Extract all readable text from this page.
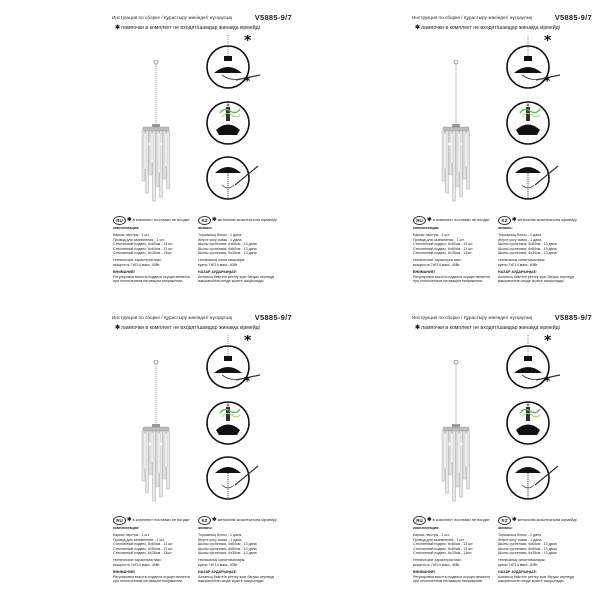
Инструкция по сборке / Құрастыру жөніндегі нұсқаулық	V5885-9/7
✱лампочки в комплект не входят/шамдар жинаққа кірмейді
*
*
RU ✱в комплект поставки не входят	KZ ✱жеткізілім жиынтығына кірмейді
комплектация:
Каркас люстры - 1 шт.
Провод для заземления - 1 шт.
Стеклянный подвес, 6х60см - 13 шт
Стеклянный подвес, 6х60см - 13 шт
Стеклянный подвес, 6х35см - 13шт
технические характеристики:
мощность 7хЕ14 макс. 40Вт
ВНИМАНИЕ!
Регулировка высоты подвеса осуществляется
при отключенном питающем напряжении.
жинағы:
Торшының блогы - 1 дана.
Жерге қосу сымы - 1 дана.
Шыны суспензия, 6х60см - 13 дана
Шыны суспензия, 6х60см - 13 дана
Шыны суспензия, 6х35см - 13 дана
техникалық сипаттамалары:
куаты 7хЕ14 макс. 40Вт
НАЗАР АУДАРЫҢЫЗ!
Аспаның биіктігін реттеу куат беруші кернеуді
ажыратылған кезде жүзеге асырылады.
Инструкция по сборке / Құрастыру жөніндегі нұсқаулық	V5885-9/7
✱лампочки в комплект не входят/шамдар жинаққа кірмейді
*
*
RU ✱в комплект поставки не входят	KZ ✱жеткізілім жиынтығына кірмейді
комплектация:
Каркас люстры - 1 шт.
Провод для заземления - 1 шт.
Стеклянный подвес, 6х60см - 13 шт
Стеклянный подвес, 6х60см - 13 шт
Стеклянный подвес, 6х35см - 13шт
технические характеристики:
мощность 7хЕ14 макс. 40Вт
ВНИМАНИЕ!
Регулировка высоты подвеса осуществляется
при отключенном питающем напряжении.
жинағы:
Торшының блогы - 1 дана.
Жерге қосу сымы - 1 дана.
Шыны суспензия, 6х60см - 13 дана
Шыны суспензия, 6х60см - 13 дана
Шыны суспензия, 6х35см - 13 дана
техникалық сипаттамалары:
куаты 7хЕ14 макс. 40Вт
НАЗАР АУДАРЫҢЫЗ!
Аспаның биіктігін реттеу куат беруші кернеуді
ажыратылған кезде жүзеге асырылады.
Инструкция по сборке / Құрастыру жөніндегі нұсқаулық	V5885-9/7
✱лампочки в комплект не входят/шамдар жинаққа кірмейді
*
*
RU ✱в комплект поставки не входят	KZ ✱жеткізілім жиынтығына кірмейді
комплектация:
Каркас люстры - 1 шт.
Провод для заземления - 1 шт.
Стеклянный подвес, 6х60см - 13 шт
Стеклянный подвес, 6х60см - 13 шт
Стеклянный подвес, 6х35см - 13шт
технические характеристики:
мощность 7хЕ14 макс. 40Вт
ВНИМАНИЕ!
Регулировка высоты подвеса осуществляется
при отключенном питающем напряжении.
жинағы:
Торшының блогы - 1 дана.
Жерге қосу сымы - 1 дана.
Шыны суспензия, 6х60см - 13 дана
Шыны суспензия, 6х60см - 13 дана
Шыны суспензия, 6х35см - 13 дана
техникалық сипаттамалары:
куаты 7хЕ14 макс. 40Вт
НАЗАР АУДАРЫҢЫЗ!
Аспаның биіктігін реттеу куат беруші кернеуді
ажыратылған кезде жүзеге асырылады.
Инструкция по сборке / Құрастыру жөніндегі нұсқаулық	V5885-9/7
✱лампочки в комплект не входят/шамдар жинаққа кірмейді
*
*
RU ✱в комплект поставки не входят	KZ ✱жеткізілім жиынтығына кірмейді
комплектация:
Каркас люстры - 1 шт.
Провод для заземления - 1 шт.
Стеклянный подвес, 6х60см - 13 шт
Стеклянный подвес, 6х60см - 13 шт
Стеклянный подвес, 6х35см - 13шт
технические характеристики:
мощность 7хЕ14 макс. 40Вт
ВНИМАНИЕ!
Регулировка высоты подвеса осуществляется
при отключенном питающем напряжении.
жинағы:
Торшының блогы - 1 дана.
Жерге қосу сымы - 1 дана.
Шыны суспензия, 6х60см - 13 дана
Шыны суспензия, 6х60см - 13 дана
Шыны суспензия, 6х35см - 13 дана
техникалық сипаттамалары:
куаты 7хЕ14 макс. 40Вт
НАЗАР АУДАРЫҢЫЗ!
Аспаның биіктігін реттеу куат беруші кернеуді
ажыратылған кезде жүзеге асырылады.
